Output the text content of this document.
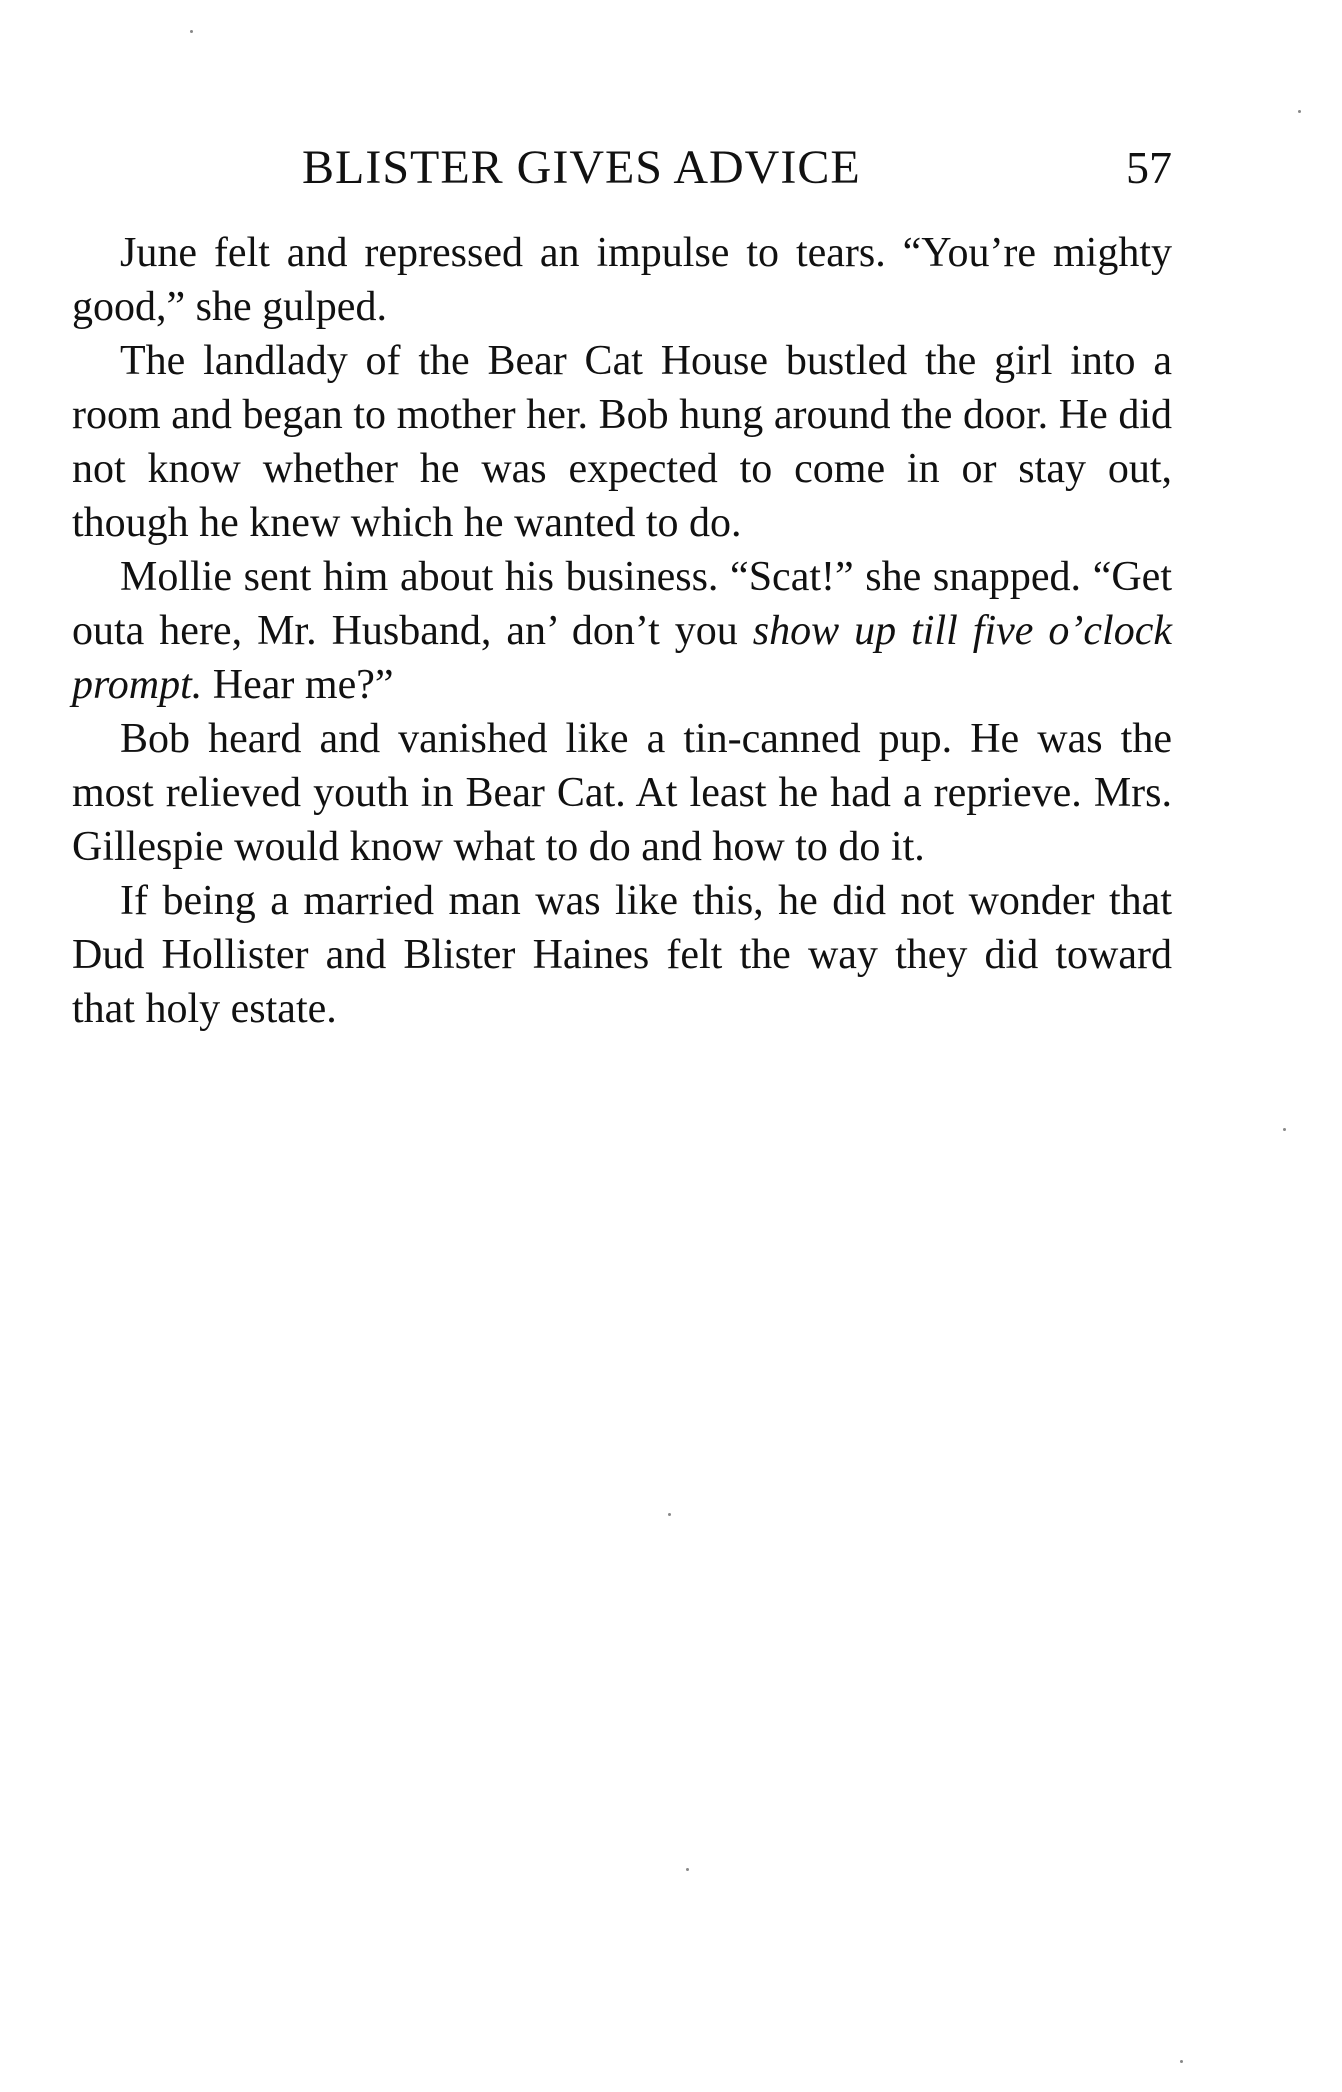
BLISTER GIVES ADVICE	57

June felt and repressed an impulse to tears. “You’re mighty good,” she gulped.

The landlady of the Bear Cat House bustled the girl into a room and began to mother her. Bob hung around the door. He did not know whether he was expected to come in or stay out, though he knew which he wanted to do.

Mollie sent him about his business. “Scat!” she snapped. “Get outa here, Mr. Husband, an’ don’t you show up till five o’clock prompt. Hear me?”

Bob heard and vanished like a tin-canned pup. He was the most relieved youth in Bear Cat. At least he had a reprieve. Mrs. Gillespie would know what to do and how to do it.

If being a married man was like this, he did not wonder that Dud Hollister and Blister Haines felt the way they did toward that holy estate.
